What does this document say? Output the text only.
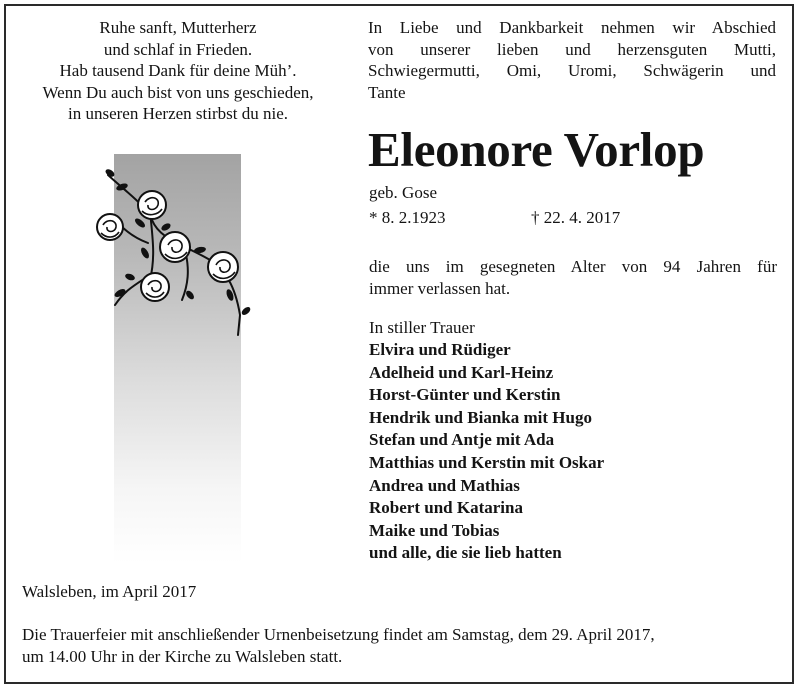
Ruhe sanft, Mutterherz
und schlaf in Frieden.
Hab tausend Dank für deine Müh’.
Wenn Du auch bist von uns geschieden,
in unseren Herzen stirbst du nie.
In Liebe und Dankbarkeit nehmen wir Abschied
von unserer lieben und herzensguten Mutti,
Schwiegermutti, Omi, Uromi, Schwägerin und
Tante
Eleonore Vorlop
geb. Gose
* 8. 2.1923	† 22. 4. 2017
die uns im gesegneten Alter von 94 Jahren für
immer verlassen hat.
In stiller Trauer
Elvira und Rüdiger
Adelheid und Karl-Heinz
Horst-Günter und Kerstin
Hendrik und Bianka mit Hugo
Stefan und Antje mit Ada
Matthias und Kerstin mit Oskar
Andrea und Mathias
Robert und Katarina
Maike und Tobias
und alle, die sie lieb hatten
Walsleben, im April 2017
Die Trauerfeier mit anschließender Urnenbeisetzung findet am Samstag, dem 29. April 2017,
um 14.00 Uhr in der Kirche zu Walsleben statt.
